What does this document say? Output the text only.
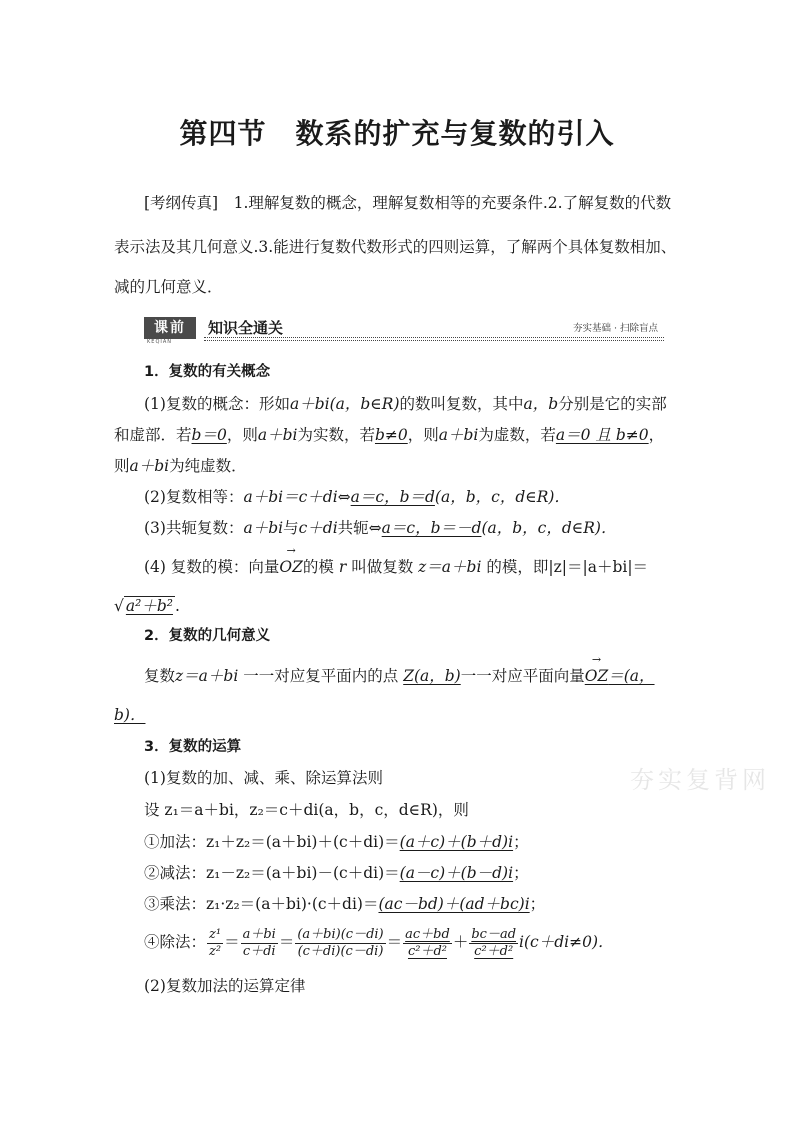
第四节　数系的扩充与复数的引入
[考纲传真]　1.理解复数的概念，理解复数相等的充要条件.2.了解复数的代数
表示法及其几何意义.3.能进行复数代数形式的四则运算，了解两个具体复数相加、
减的几何意义．
课前
KEQIAN
知识全通关	夯实基础 · 扫除盲点
夯实复背网
1．复数的有关概念
(1)复数的概念：形如a＋bi(a，b∈R)的数叫复数，其中a，b分别是它的实部
和虚部．若b＝0，则a＋bi为实数，若b≠0，则a＋bi为虚数，若a＝0 且 b≠0，
则a＋bi为纯虚数．
(2)复数相等：a＋bi＝c＋di⇔a＝c，b＝d(a，b，c，d∈R)．
(3)共轭复数：a＋bi与c＋di共轭⇔a＝c，b＝－d(a，b，c，d∈R)．
(4) 复数的模：向量
→
OZ的模 r 叫做复数 z＝a＋bi 的模，即|z|＝|a＋bi|＝
√ a²＋b² .
2．复数的几何意义
复数z＝a＋bi 一一对应复平面内的点 Z(a，b)一一对应平面向量
→
OZ＝(a，
b)．
3．复数的运算
(1)复数的加、减、乘、除运算法则
设 z₁＝a＋bi，z₂＝c＋di(a，b，c，d∈R)，则
①加法：z₁＋z₂＝(a＋bi)＋(c＋di)＝(a＋c)＋(b＋d)i；
②减法：z₁－z₂＝(a＋bi)－(c＋di)＝(a－c)＋(b－d)i；
③乘法：z₁·z₂＝(a＋bi)·(c＋di)＝(ac－bd)＋(ad＋bc)i；
④除法： $\frac{\text{z¹}}{\text{z²}} = \frac{a+bi}{c+di} = \frac{(a+bi)(c-di)}{(c+di)(c-di)} = \frac{ac+bd}{\text{c²＋d²}} + \frac{bc-ad}{\text{c²＋d²}} i(c+di\ne 0)$．
(2)复数加法的运算定律
